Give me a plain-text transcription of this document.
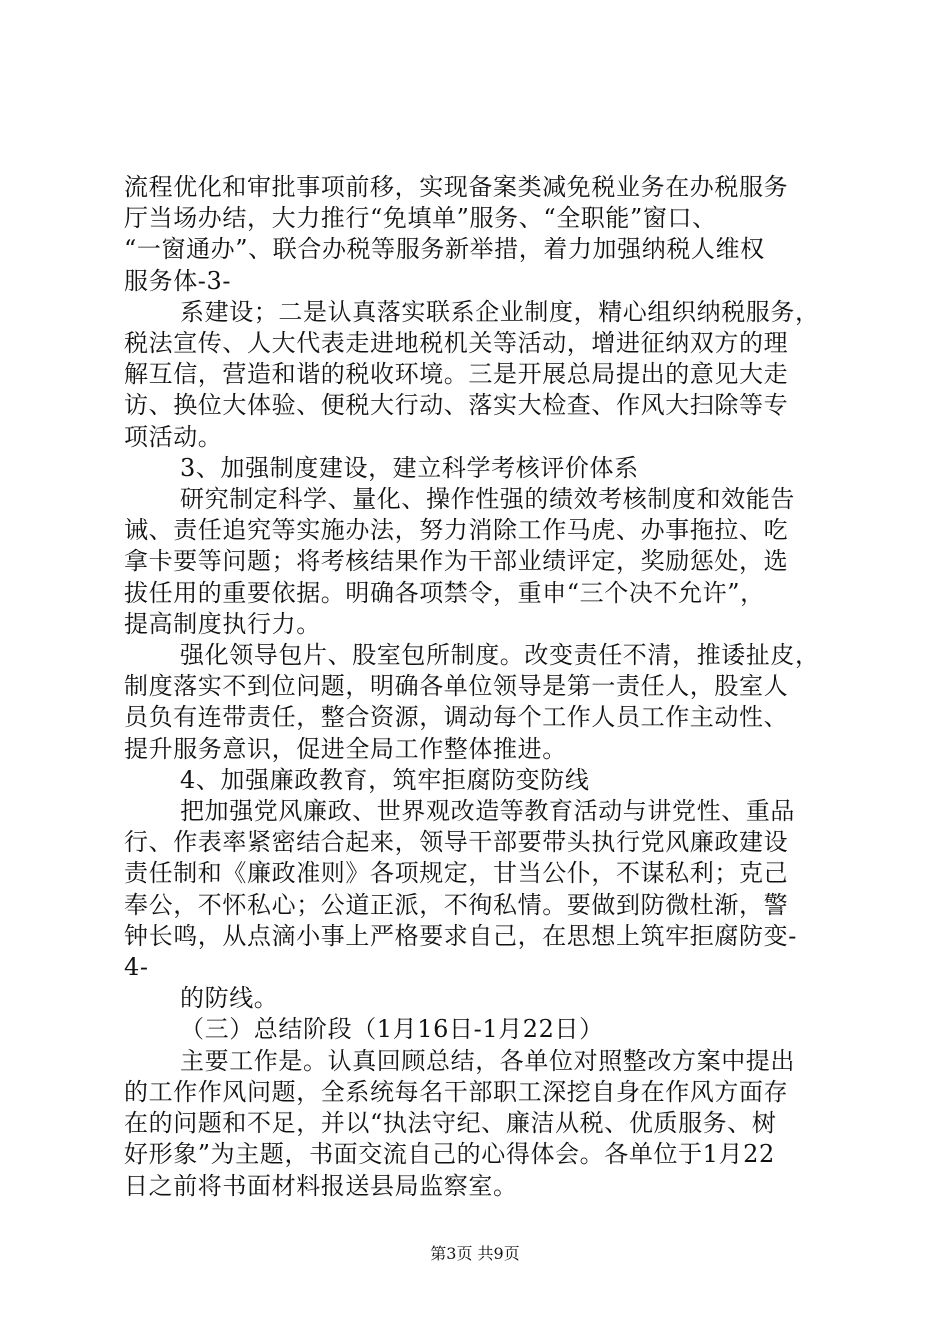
流程优化和审批事项前移，实现备案类减免税业务在办税服务
厅当场办结，大力推行“免填单”服务、“全职能”窗口、
“一窗通办”、联合办税等服务新举措，着力加强纳税人维权
服务体-3-
系建设；二是认真落实联系企业制度，精心组织纳税服务，
税法宣传、人大代表走进地税机关等活动，增进征纳双方的理
解互信，营造和谐的税收环境。三是开展总局提出的意见大走
访、换位大体验、便税大行动、落实大检查、作风大扫除等专
项活动。
3、加强制度建设，建立科学考核评价体系
研究制定科学、量化、操作性强的绩效考核制度和效能告
诫、责任追究等实施办法，努力消除工作马虎、办事拖拉、吃
拿卡要等问题；将考核结果作为干部业绩评定，奖励惩处，选
拔任用的重要依据。明确各项禁令，重申“三个决不允许”，
提高制度执行力。
强化领导包片、股室包所制度。改变责任不清，推诿扯皮，
制度落实不到位问题，明确各单位领导是第一责任人，股室人
员负有连带责任，整合资源，调动每个工作人员工作主动性、
提升服务意识，促进全局工作整体推进。
4、加强廉政教育，筑牢拒腐防变防线
把加强党风廉政、世界观改造等教育活动与讲党性、重品
行、作表率紧密结合起来，领导干部要带头执行党风廉政建设
责任制和《廉政准则》各项规定，甘当公仆，不谋私利；克己
奉公，不怀私心；公道正派，不徇私情。要做到防微杜渐，警
钟长鸣，从点滴小事上严格要求自己，在思想上筑牢拒腐防变-
4-
的防线。
（三）总结阶段（1月16日-1月22日）
主要工作是。认真回顾总结，各单位对照整改方案中提出
的工作作风问题，全系统每名干部职工深挖自身在作风方面存
在的问题和不足，并以“执法守纪、廉洁从税、优质服务、树
好形象”为主题，书面交流自己的心得体会。各单位于1月22
日之前将书面材料报送县局监察室。
第3页 共9页
